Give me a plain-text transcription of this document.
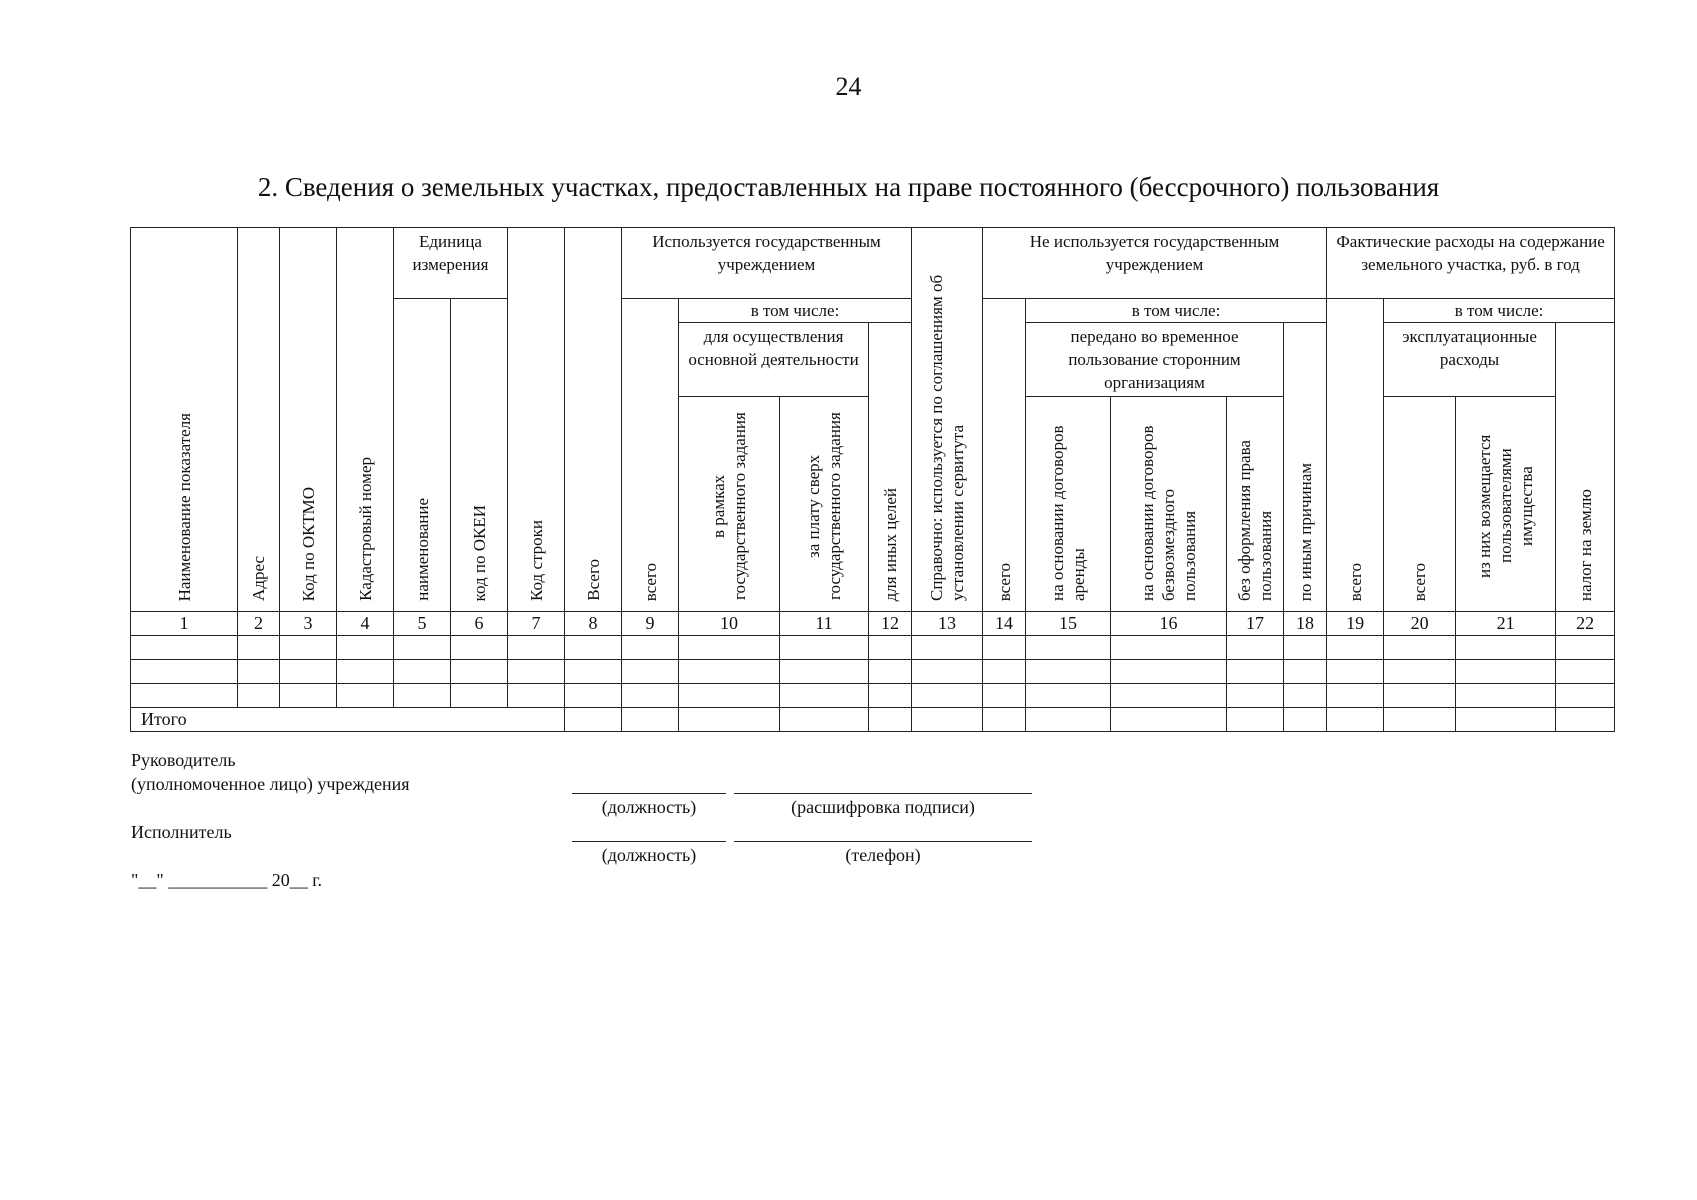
24
2. Сведения о земельных участках, предоставленных на праве постоянного (бессрочного) пользования
Наименование показателя	Адрес	Код по ОКТМО	Кадастровый номер	Единица измерения		Код строки	Всего	Используется государственным учреждением				Справочно: используется по соглашениям об установлении сервитута	Не используется государственным учреждением					Фактические расходы на содержание земельного участка, руб. в год			

				наименование	код по ОКЕИ			всего	в том числе:				всего	в том числе:				всего	в том числе:		

									для осуществления основной деятельности		для иных целей			передано во временное пользование сторонним организациям			по иным причинам		эксплуатационные расходы		налог на землю
									в рамках государственного задания	за плату сверх государственного задания				на основании договоров аренды	на основании договоров безвозмездного пользования	без оформления права пользования			всего	из них возмещается пользователями имущества	
1	2	3	4	5	6	7	8	9	10	11	12	13	14	15	16	17	18	19	20	21	22

Итого																					
Руководитель
(уполномоченное лицо) учреждения
(должность)	(расшифровка подписи)
Исполнитель
(должность)	(телефон)
"__" ___________ 20__ г.
